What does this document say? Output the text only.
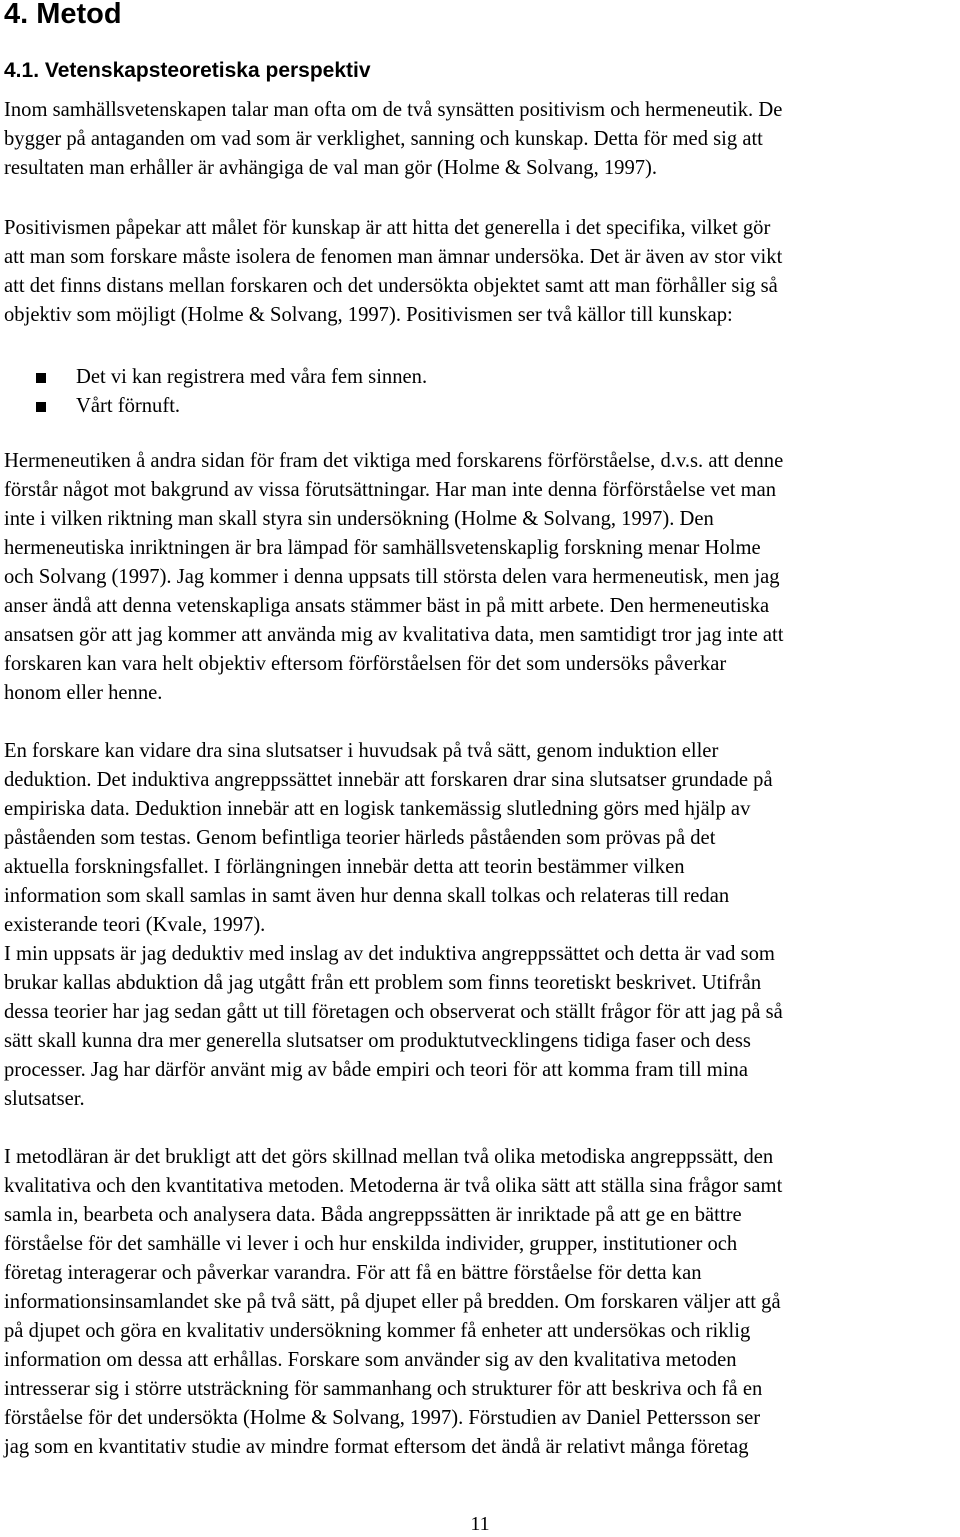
4. Metod
4.1. Vetenskapsteoretiska perspektiv

Inom samhällsvetenskapen talar man ofta om de två synsätten positivism och hermeneutik. De
bygger på antaganden om vad som är verklighet, sanning och kunskap. Detta för med sig att
resultaten man erhåller är avhängiga de val man gör (Holme & Solvang, 1997).

Positivismen påpekar att målet för kunskap är att hitta det generella i det specifika, vilket gör
att man som forskare måste isolera de fenomen man ämnar undersöka. Det är även av stor vikt
att det finns distans mellan forskaren och det undersökta objektet samt att man förhåller sig så
objektiv som möjligt (Holme & Solvang, 1997). Positivismen ser två källor till kunskap:

Det vi kan registrera med våra fem sinnen.
Vårt förnuft.

Hermeneutiken å andra sidan för fram det viktiga med forskarens förförståelse, d.v.s. att denne
förstår något mot bakgrund av vissa förutsättningar. Har man inte denna förförståelse vet man
inte i vilken riktning man skall styra sin undersökning (Holme & Solvang, 1997). Den
hermeneutiska inriktningen är bra lämpad för samhällsvetenskaplig forskning menar Holme
och Solvang (1997). Jag kommer i denna uppsats till största delen vara hermeneutisk, men jag
anser ändå att denna vetenskapliga ansats stämmer bäst in på mitt arbete. Den hermeneutiska
ansatsen gör att jag kommer att använda mig av kvalitativa data, men samtidigt tror jag inte att
forskaren kan vara helt objektiv eftersom förförståelsen för det som undersöks påverkar
honom eller henne.

En forskare kan vidare dra sina slutsatser i huvudsak på två sätt, genom induktion eller
deduktion. Det induktiva angreppssättet innebär att forskaren drar sina slutsatser grundade på
empiriska data. Deduktion innebär att en logisk tankemässig slutledning görs med hjälp av
påståenden som testas. Genom befintliga teorier härleds påståenden som prövas på det
aktuella forskningsfallet. I förlängningen innebär detta att teorin bestämmer vilken
information som skall samlas in samt även hur denna skall tolkas och relateras till redan
existerande teori (Kvale, 1997).
I min uppsats är jag deduktiv med inslag av det induktiva angreppssättet och detta är vad som
brukar kallas abduktion då jag utgått från ett problem som finns teoretiskt beskrivet. Utifrån
dessa teorier har jag sedan gått ut till företagen och observerat och ställt frågor för att jag på så
sätt skall kunna dra mer generella slutsatser om produktutvecklingens tidiga faser och dess
processer. Jag har därför använt mig av både empiri och teori för att komma fram till mina
slutsatser.

I metodläran är det brukligt att det görs skillnad mellan två olika metodiska angreppssätt, den
kvalitativa och den kvantitativa metoden. Metoderna är två olika sätt att ställa sina frågor samt
samla in, bearbeta och analysera data. Båda angreppssätten är inriktade på att ge en bättre
förståelse för det samhälle vi lever i och hur enskilda individer, grupper, institutioner och
företag interagerar och påverkar varandra. För att få en bättre förståelse för detta kan
informationsinsamlandet ske på två sätt, på djupet eller på bredden. Om forskaren väljer att gå
på djupet och göra en kvalitativ undersökning kommer få enheter att undersökas och riklig
information om dessa att erhållas. Forskare som använder sig av den kvalitativa metoden
intresserar sig i större utsträckning för sammanhang och strukturer för att beskriva och få en
förståelse för det undersökta (Holme & Solvang, 1997). Förstudien av Daniel Pettersson ser
jag som en kvantitativ studie av mindre format eftersom det ändå är relativt många företag

11
